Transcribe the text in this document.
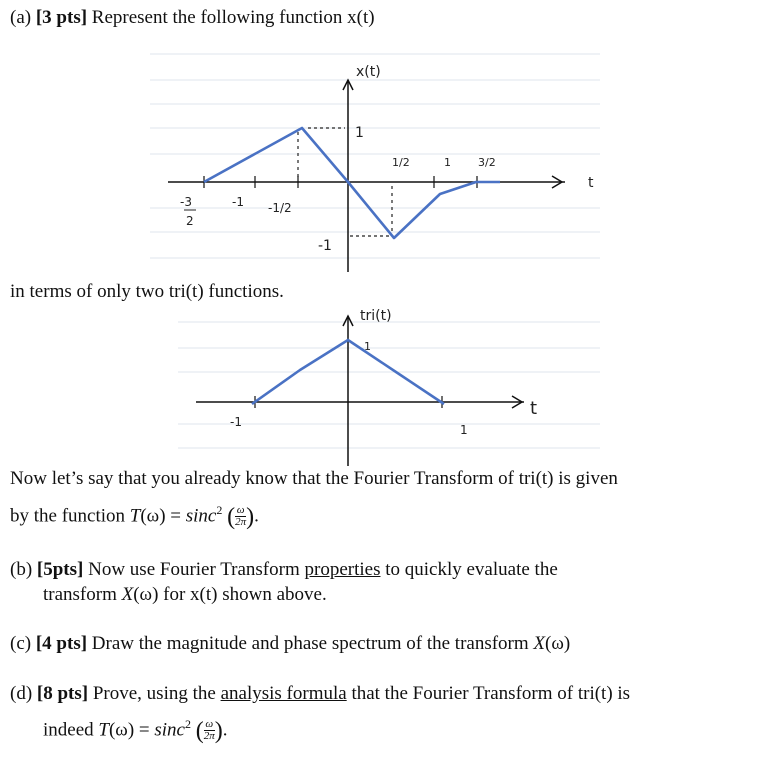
(a) [3 pts] Represent the following function x(t)
x(t)
1
-1
1/2	1 3/2
t
-3
2
-1 -1/2
in terms of only two tri(t) functions.
tri(t)
1
-1
1
t
Now let’s say that you already know that the Fourier Transform of tri(t) is given
by the function T(ω) = sinc$^2$ ( $\frac{\omega}{2\pi}$ ).
(b) [5pts] Now use Fourier Transform properties to quickly evaluate the
transform X(ω) for x(t) shown above.
(c) [4 pts] Draw the magnitude and phase spectrum of the transform X(ω)
(d) [8 pts] Prove, using the analysis formula that the Fourier Transform of tri(t) is
indeed T(ω) = sinc$^2$ ( $\frac{\omega}{2\pi}$ ).
